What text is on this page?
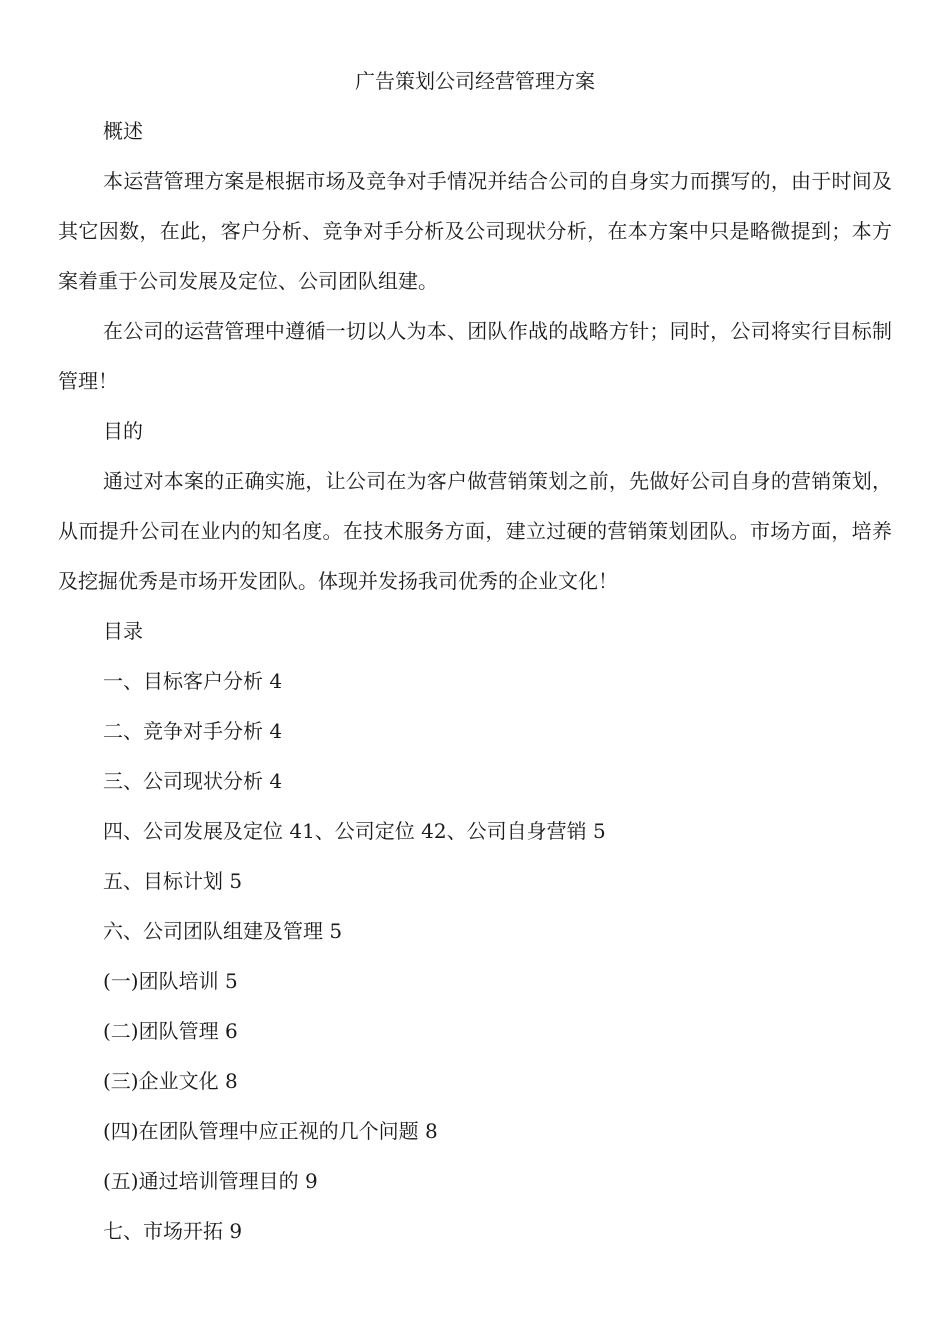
广告策划公司经营管理方案

概述

本运营管理方案是根据市场及竞争对手情况并结合公司的自身实力而撰写的，由于时间及其它因数，在此，客户分析、竞争对手分析及公司现状分析，在本方案中只是略微提到；本方案着重于公司发展及定位、公司团队组建。

在公司的运营管理中遵循一切以人为本、团队作战的战略方针；同时，公司将实行目标制管理！

目的

通过对本案的正确实施，让公司在为客户做营销策划之前，先做好公司自身的营销策划，从而提升公司在业内的知名度。在技术服务方面，建立过硬的营销策划团队。市场方面，培养及挖掘优秀是市场开发团队。体现并发扬我司优秀的企业文化！

目录

一、目标客户分析 4

二、竞争对手分析 4

三、公司现状分析 4

四、公司发展及定位 41、公司定位 42、公司自身营销 5

五、目标计划 5

六、公司团队组建及管理 5

(一)团队培训 5

(二)团队管理 6

(三)企业文化 8

(四)在团队管理中应正视的几个问题 8

(五)通过培训管理目的 9

七、市场开拓 9
